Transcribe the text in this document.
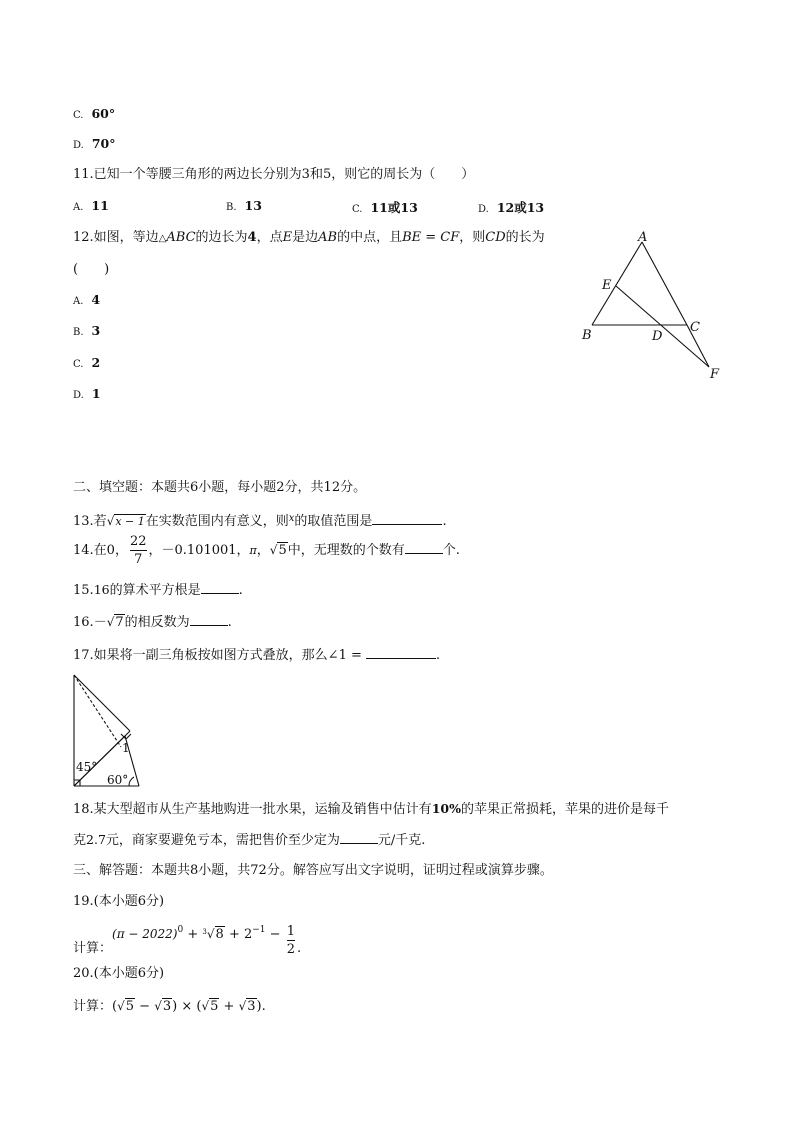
C. 60°
D. 70°
11.已知一个等腰三角形的两边长分别为3和5，则它的周长为（　　）
A. 11	B. 13	C. 11或13	D. 12或13
12.如图，等边△ABC的边长为4，点E是边AB的中点，且BE = CF，则CD的长为
(　　)
A. 4
B. 3
C. 2
D. 1
A
E
B	D
C
F
二、填空题：本题共6小题，每小题2分，共12分。
13.若√x − 1在实数范围内有意义，则$^x$的取值范围是	.
14.在0， $\frac{22}{7}$ ，－0.101001，π，√5中，无理数的个数有	个.
15.16的算术平方根是	.
16.－√7的相反数为	.
17.如果将一副三角板按如图方式叠放，那么∠1 =	.
45°
60°
1
18.某大型超市从生产基地购进一批水果，运输及销售中估计有10%的苹果正常损耗，苹果的进价是每千
克2.7元，商家要避免亏本，需把售价至少定为	元/千克.
三、解答题：本题共8小题，共72分。解答应写出文字说明，证明过程或演算步骤。
19.(本小题6分)
计算：$(\pi - 2022)^0 + ^3√8 + 2^{-1} - \frac{1}{2}$ .
20.(本小题6分)
计算：(√5 − √3) × (√5 + √3).
